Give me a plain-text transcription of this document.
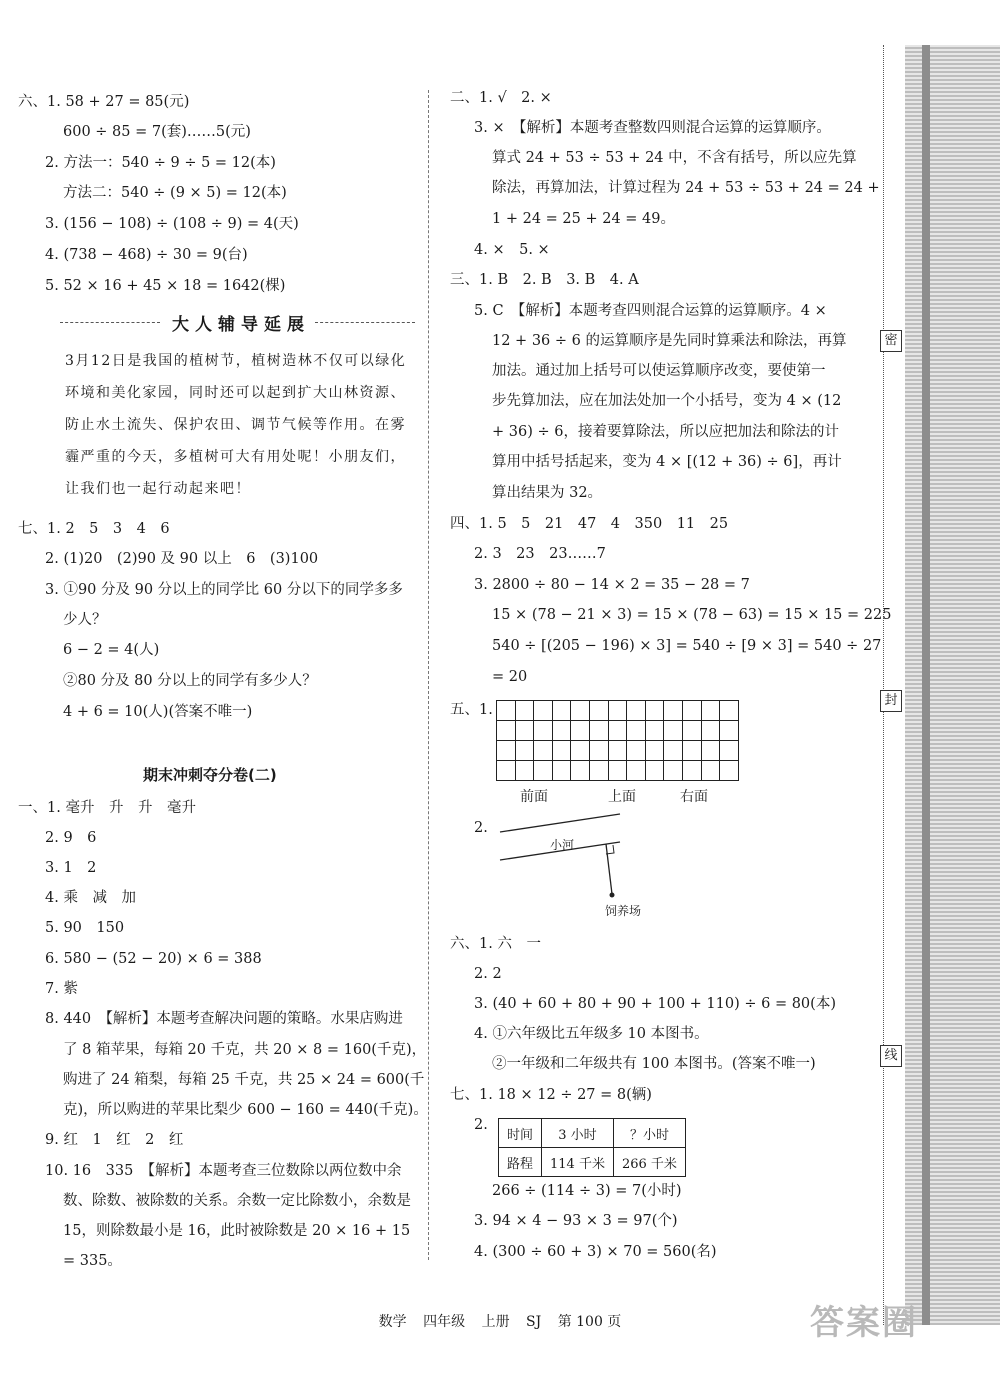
密
封
线
六、1. 58 + 27 = 85(元)
600 ÷ 85 = 7(套)……5(元)
2. 方法一：540 ÷ 9 ÷ 5 = 12(本)
方法二：540 ÷ (9 × 5) = 12(本)
3. (156 − 108) ÷ (108 ÷ 9) = 4(天)
4. (738 − 468) ÷ 30 = 9(台)
5. 52 × 16 + 45 × 18 = 1642(棵)
大人辅导延展
3月12日是我国的植树节，植树造林不仅可以绿化环境和美化家园，同时还可以起到扩大山林资源、防止水土流失、保护农田、调节气候等作用。在雾霾严重的今天，多植树可大有用处呢！小朋友们，让我们也一起行动起来吧！
七、1. 2　5　3　4　6
2. (1)20　(2)90 及 90 以上　6　(3)100
3. ①90 分及 90 分以上的同学比 60 分以下的同学多多
少人？
6 − 2 = 4(人)
②80 分及 80 分以上的同学有多少人？
4 + 6 = 10(人)(答案不唯一)
期末冲刺夺分卷(二)
一、1. 毫升　升　升　毫升
2. 9　6
3. 1　2
4. 乘　减　加
5. 90　150
6. 580 − (52 − 20) × 6 = 388
7. 紫
8. 440　【解析】本题考查解决问题的策略。水果店购进
了 8 箱苹果，每箱 20 千克，共 20 × 8 = 160(千克)，
购进了 24 箱梨，每箱 25 千克，共 25 × 24 = 600(千
克)，所以购进的苹果比梨少 600 − 160 = 440(千克)。
9. 红　1　红　2　红
10. 16　335　【解析】本题考查三位数除以两位数中余
数、除数、被除数的关系。余数一定比除数小，余数是
15，则除数最小是 16，此时被除数是 20 × 16 + 15
= 335。
二、1. √　2. ×
3. ×　【解析】本题考查整数四则混合运算的运算顺序。
算式 24 + 53 ÷ 53 + 24 中，不含有括号，所以应先算
除法，再算加法，计算过程为 24 + 53 ÷ 53 + 24 = 24 +
1 + 24 = 25 + 24 = 49。
4. ×　5. ×
三、1. B　2. B　3. B　4. A
5. C　【解析】本题考查四则混合运算的运算顺序。4 ×
12 + 36 ÷ 6 的运算顺序是先同时算乘法和除法，再算
加法。通过加上括号可以使运算顺序改变，要使第一
步先算加法，应在加法处加一个小括号，变为 4 × (12
+ 36) ÷ 6，接着要算除法，所以应把加法和除法的计
算用中括号括起来，变为 4 × [(12 + 36) ÷ 6]，再计
算出结果为 32。
四、1. 5　5　21　47　4　350　11　25
2. 3　23　23……7
3. 2800 ÷ 80 − 14 × 2 = 35 − 28 = 7
15 × (78 − 21 × 3) = 15 × (78 − 63) = 15 × 15 = 225
540 ÷ [(205 − 196) × 3] = 540 ÷ [9 × 3] = 540 ÷ 27
= 20
五、1.

前面	上面	右面
2.
小河
饲养场
六、1. 六　一
2. 2
3. (40 + 60 + 80 + 90 + 100 + 110) ÷ 6 = 80(本)
4. ①六年级比五年级多 10 本图书。
②一年级和二年级共有 100 本图书。(答案不唯一)
七、1. 18 × 12 ÷ 27 = 8(辆)
2.
时间	3 小时	？小时
路程	114 千米	266 千米
266 ÷ (114 ÷ 3) = 7(小时)
3. 94 × 4 − 93 × 3 = 97(个)
4. (300 ÷ 60 + 3) × 70 = 560(名)
数学 四年级 上册 SJ 第 100 页	答案圈
